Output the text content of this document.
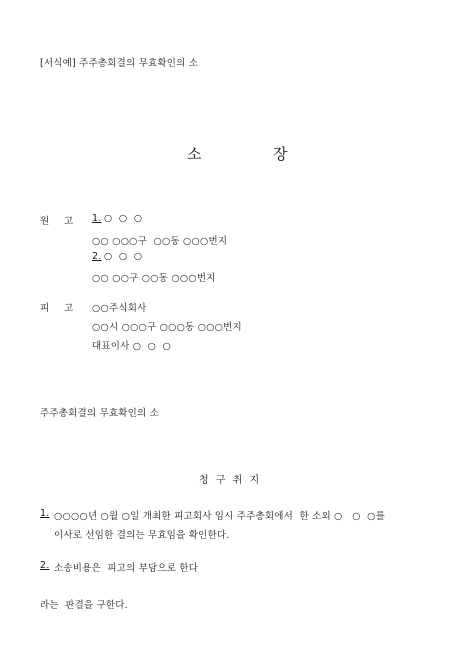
[서식예] 주주총회결의 무효확인의 소
소	장
원 고 1. ○  ○  ○
○○ ○○○구  ○○동 ○○○번지
2. ○  ○  ○
○○ ○○구 ○○동 ○○○번지
피 고 ○○주식회사
○○시 ○○○구 ○○○동 ○○○번지
대표이사 ○  ○  ○
주주총회결의 무효확인의 소
청 구 취 지
1. ○○○○년 ○월 ○일 개최한 피고회사 임시 주주총회에서  한 소외 ○   ○  ○를
이사로 선임한 결의는 무효임을 확인한다.
2. 소송비용은  피고의 부담으로 한다
라는  판결을 구한다.
